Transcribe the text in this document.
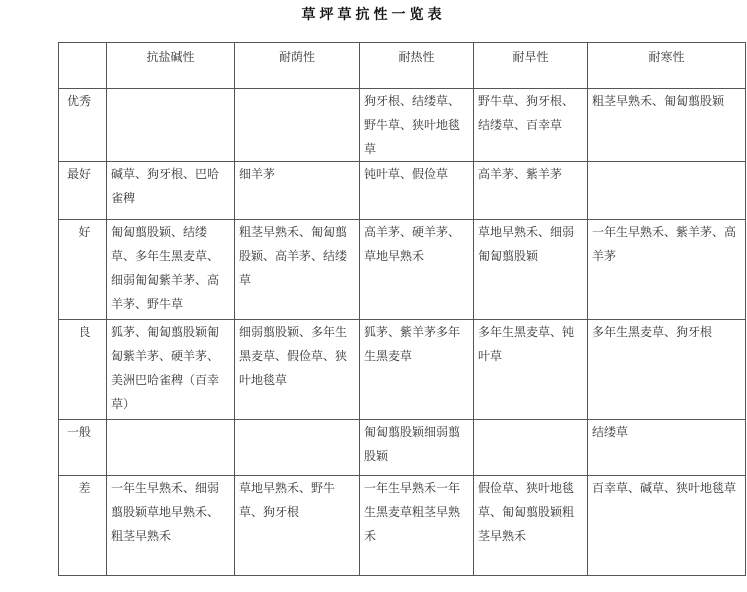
草坪草抗性一览表
	抗盐碱性	耐荫性	耐热性	耐旱性	耐寒性
优秀			狗牙根、结缕草、野牛草、狭叶地毯草	野牛草、狗牙根、结缕草、百幸草	粗茎早熟禾、匍匐翦股颖
最好	碱草、狗牙根、巴哈雀稗	细羊茅	钝叶草、假俭草	高羊茅、紫羊茅	
好	匍匐翦股颖、结缕草、多年生黑麦草、细弱匍匐紫羊茅、高羊茅、野牛草	粗茎早熟禾、匍匐翦股颖、高羊茅、结缕草	高羊茅、硬羊茅、草地早熟禾	草地早熟禾、细弱匍匐翦股颖	一年生早熟禾、紫羊茅、高羊茅
良	狐茅、匍匐翦股颖匍匐紫羊茅、硬羊茅、美洲巴哈雀稗（百幸草）	细弱翦股颖、多年生黑麦草、假俭草、狭叶地毯草	狐茅、紫羊茅多年生黑麦草	多年生黑麦草、钝叶草	多年生黑麦草、狗牙根
一般			匍匐翦股颖细弱翦股颖		结缕草
差	一年生早熟禾、细弱翦股颖草地早熟禾、粗茎早熟禾	草地早熟禾、野牛草、狗牙根	一年生早熟禾一年生黑麦草粗茎早熟禾	假俭草、狭叶地毯草、匍匐翦股颖粗茎早熟禾	百幸草、碱草、狭叶地毯草
